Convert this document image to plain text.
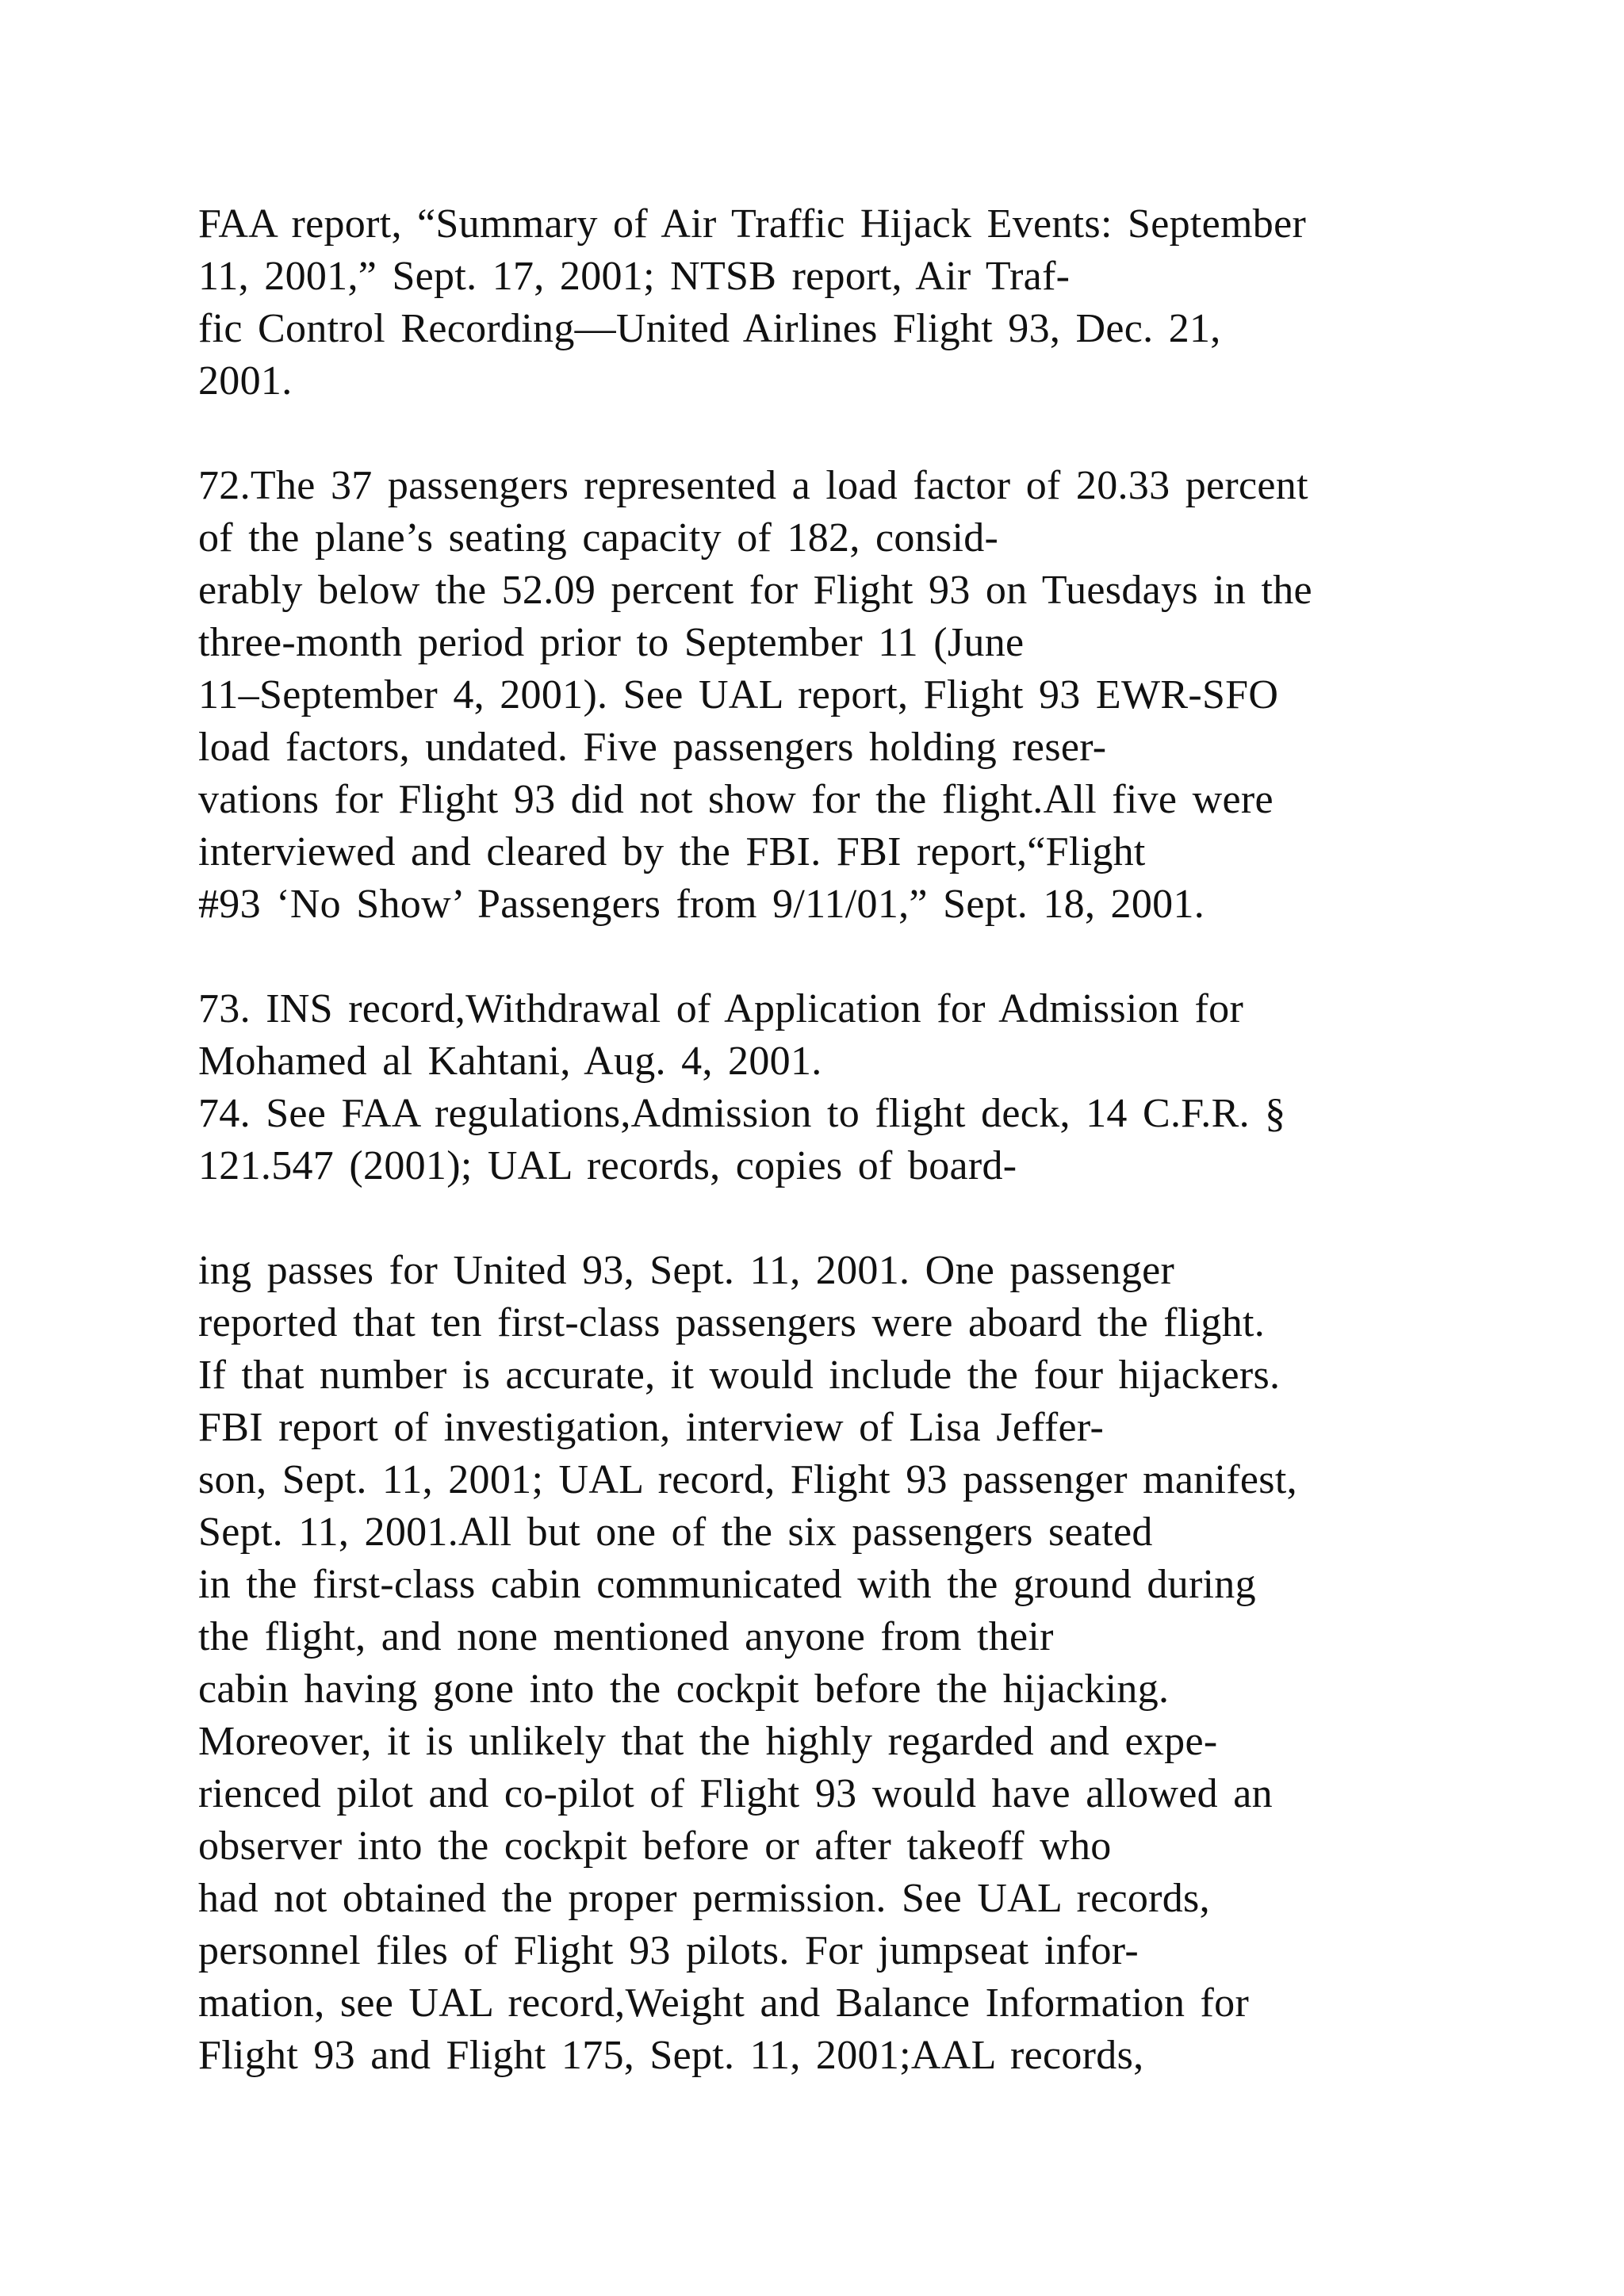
FAA report, “Summary of Air Traffic Hijack Events: September

11, 2001,” Sept. 17, 2001; NTSB report, Air Traf-

fic Control Recording—United Airlines Flight 93, Dec. 21,

2001.

72.The 37 passengers represented a load factor of 20.33 percent

of the plane’s seating capacity of 182, consid-

erably below the 52.09 percent for Flight 93 on Tuesdays in the

three-month period prior to September 11 (June

11–September 4, 2001). See UAL report, Flight 93 EWR-SFO

load factors, undated. Five passengers holding reser-

vations for Flight 93 did not show for the flight.All five were

interviewed and cleared by the FBI. FBI report,“Flight

#93 ‘No Show’ Passengers from 9/11/01,” Sept. 18, 2001.

73. INS record,Withdrawal of Application for Admission for

Mohamed al Kahtani, Aug. 4, 2001.

74. See FAA regulations,Admission to flight deck, 14 C.F.R. §

121.547 (2001); UAL records, copies of board-

ing passes for United 93, Sept. 11, 2001. One passenger

reported that ten first-class passengers were aboard the flight.

If that number is accurate, it would include the four hijackers.

FBI report of investigation, interview of Lisa Jeffer-

son, Sept. 11, 2001; UAL record, Flight 93 passenger manifest,

Sept. 11, 2001.All but one of the six passengers seated

in the first-class cabin communicated with the ground during

the flight, and none mentioned anyone from their

cabin having gone into the cockpit before the hijacking.

Moreover, it is unlikely that the highly regarded and expe-

rienced pilot and co-pilot of Flight 93 would have allowed an

observer into the cockpit before or after takeoff who

had not obtained the proper permission. See UAL records,

personnel files of Flight 93 pilots. For jumpseat infor-

mation, see UAL record,Weight and Balance Information for

Flight 93 and Flight 175, Sept. 11, 2001;AAL records,
